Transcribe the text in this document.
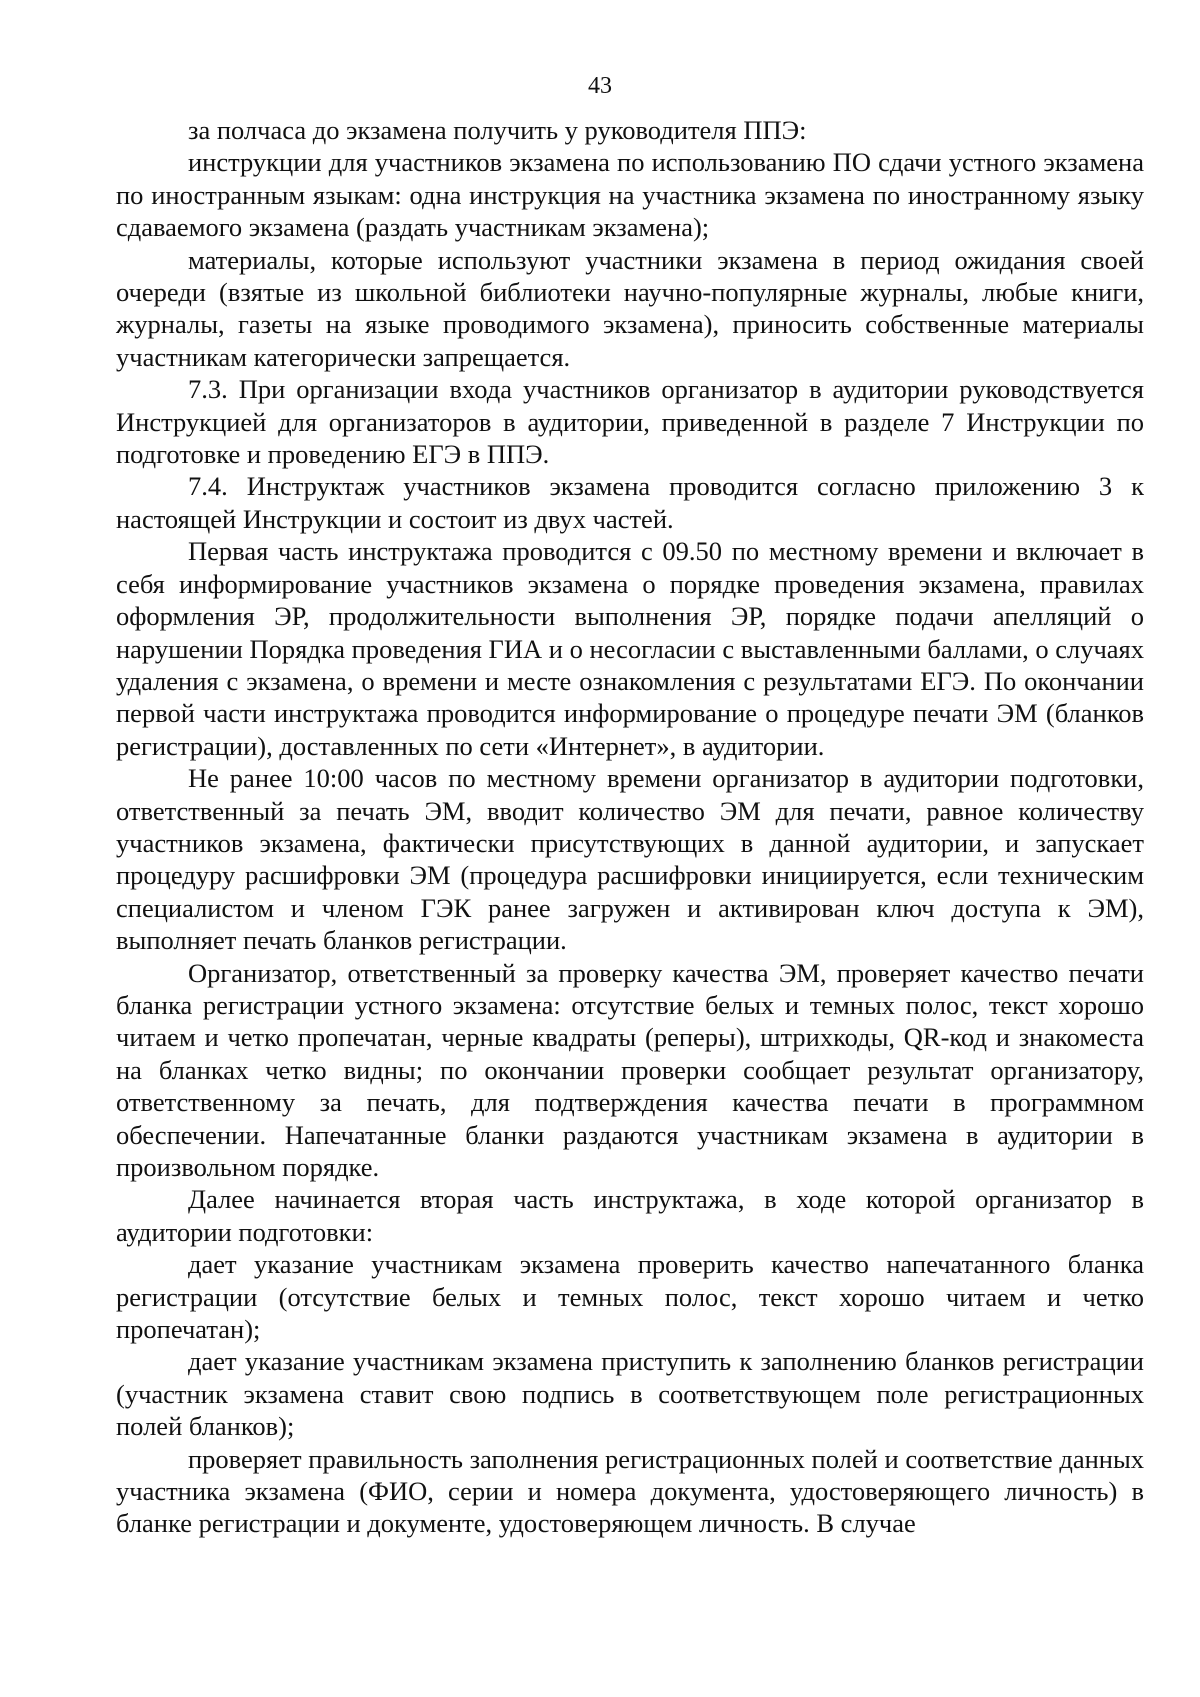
43

за полчаса до экзамена получить у руководителя ППЭ:

инструкции для участников экзамена по использованию ПО сдачи устного экзамена по иностранным языкам: одна инструкция на участника экзамена по иностранному языку сдаваемого экзамена (раздать участникам экзамена);

материалы, которые используют участники экзамена в период ожидания своей очереди (взятые из школьной библиотеки научно-популярные журналы, любые книги, журналы, газеты на языке проводимого экзамена), приносить собственные материалы участникам категорически запрещается.

7.3. При организации входа участников организатор в аудитории руководствуется Инструкцией для организаторов в аудитории, приведенной в разделе 7 Инструкции по подготовке и проведению ЕГЭ в ППЭ.

7.4. Инструктаж участников экзамена проводится согласно приложению 3 к настоящей Инструкции и состоит из двух частей.

Первая часть инструктажа проводится с 09.50 по местному времени и включает в себя информирование участников экзамена о порядке проведения экзамена, правилах оформления ЭР, продолжительности выполнения ЭР, порядке подачи апелляций о нарушении Порядка проведения ГИА и о несогласии с выставленными баллами, о случаях удаления с экзамена, о времени и месте ознакомления с результатами ЕГЭ. По окончании первой части инструктажа проводится информирование о процедуре печати ЭМ (бланков регистрации), доставленных по сети «Интернет», в аудитории.

Не ранее 10:00 часов по местному времени организатор в аудитории подготовки, ответственный за печать ЭМ, вводит количество ЭМ для печати, равное количеству участников экзамена, фактически присутствующих в данной аудитории, и запускает процедуру расшифровки ЭМ (процедура расшифровки инициируется, если техническим специалистом и членом ГЭК ранее загружен и активирован ключ доступа к ЭМ), выполняет печать бланков регистрации.

Организатор, ответственный за проверку качества ЭМ, проверяет качество печати бланка регистрации устного экзамена: отсутствие белых и темных полос, текст хорошо читаем и четко пропечатан, черные квадраты (реперы), штрихкоды, QR-код и знакоместа на бланках четко видны; по окончании проверки сообщает результат организатору, ответственному за печать, для подтверждения качества печати в программном обеспечении. Напечатанные бланки раздаются участникам экзамена в аудитории в произвольном порядке.

Далее начинается вторая часть инструктажа, в ходе которой организатор в аудитории подготовки:

дает указание участникам экзамена проверить качество напечатанного бланка регистрации (отсутствие белых и темных полос, текст хорошо читаем и четко пропечатан);

дает указание участникам экзамена приступить к заполнению бланков регистрации (участник экзамена ставит свою подпись в соответствующем поле регистрационных полей бланков);

проверяет правильность заполнения регистрационных полей и соответствие данных участника экзамена (ФИО, серии и номера документа, удостоверяющего личность) в бланке регистрации и документе, удостоверяющем личность. В случае
